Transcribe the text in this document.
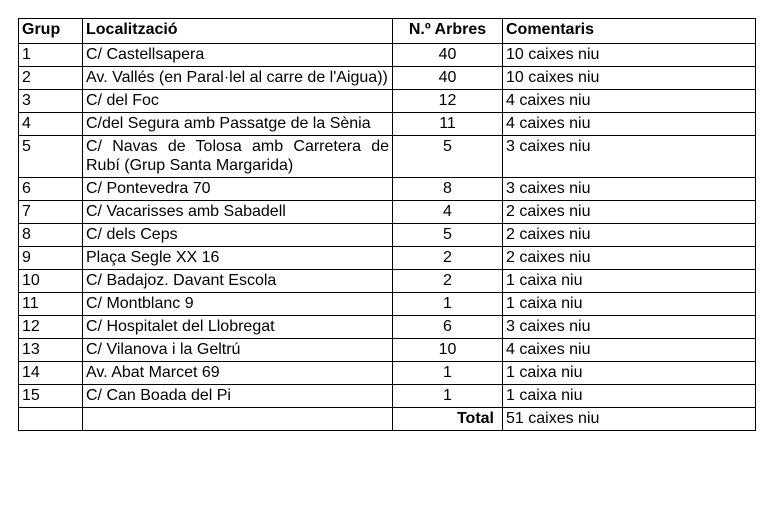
Grup	Localització	N.º Arbres	Comentaris
1	C/ Castellsapera	40	10 caixes niu
2	Av. Vallés (en Paral·lel al carre de l'Aigua))	40	10 caixes niu
3	C/ del Foc	12	4 caixes niu
4	C/del Segura amb Passatge de la Sènia	11	4 caixes niu
5	C/ Navas de Tolosa amb Carretera de Rubí (Grup Santa Margarida)	5	3 caixes niu
6	C/ Pontevedra 70	8	3 caixes niu
7	C/ Vacarisses amb Sabadell	4	2 caixes niu
8	C/ dels Ceps	5	2 caixes niu
9	Plaça Segle XX 16	2	2 caixes niu
10	C/ Badajoz. Davant Escola	2	1 caixa niu
11	C/ Montblanc 9	1	1 caixa niu
12	C/ Hospitalet del Llobregat	6	3 caixes niu
13	C/ Vilanova i la Geltrú	10	4 caixes niu
14	Av. Abat Marcet 69	1	1 caixa niu
15	C/ Can Boada del Pi	1	1 caixa niu
		Total	51 caixes niu
